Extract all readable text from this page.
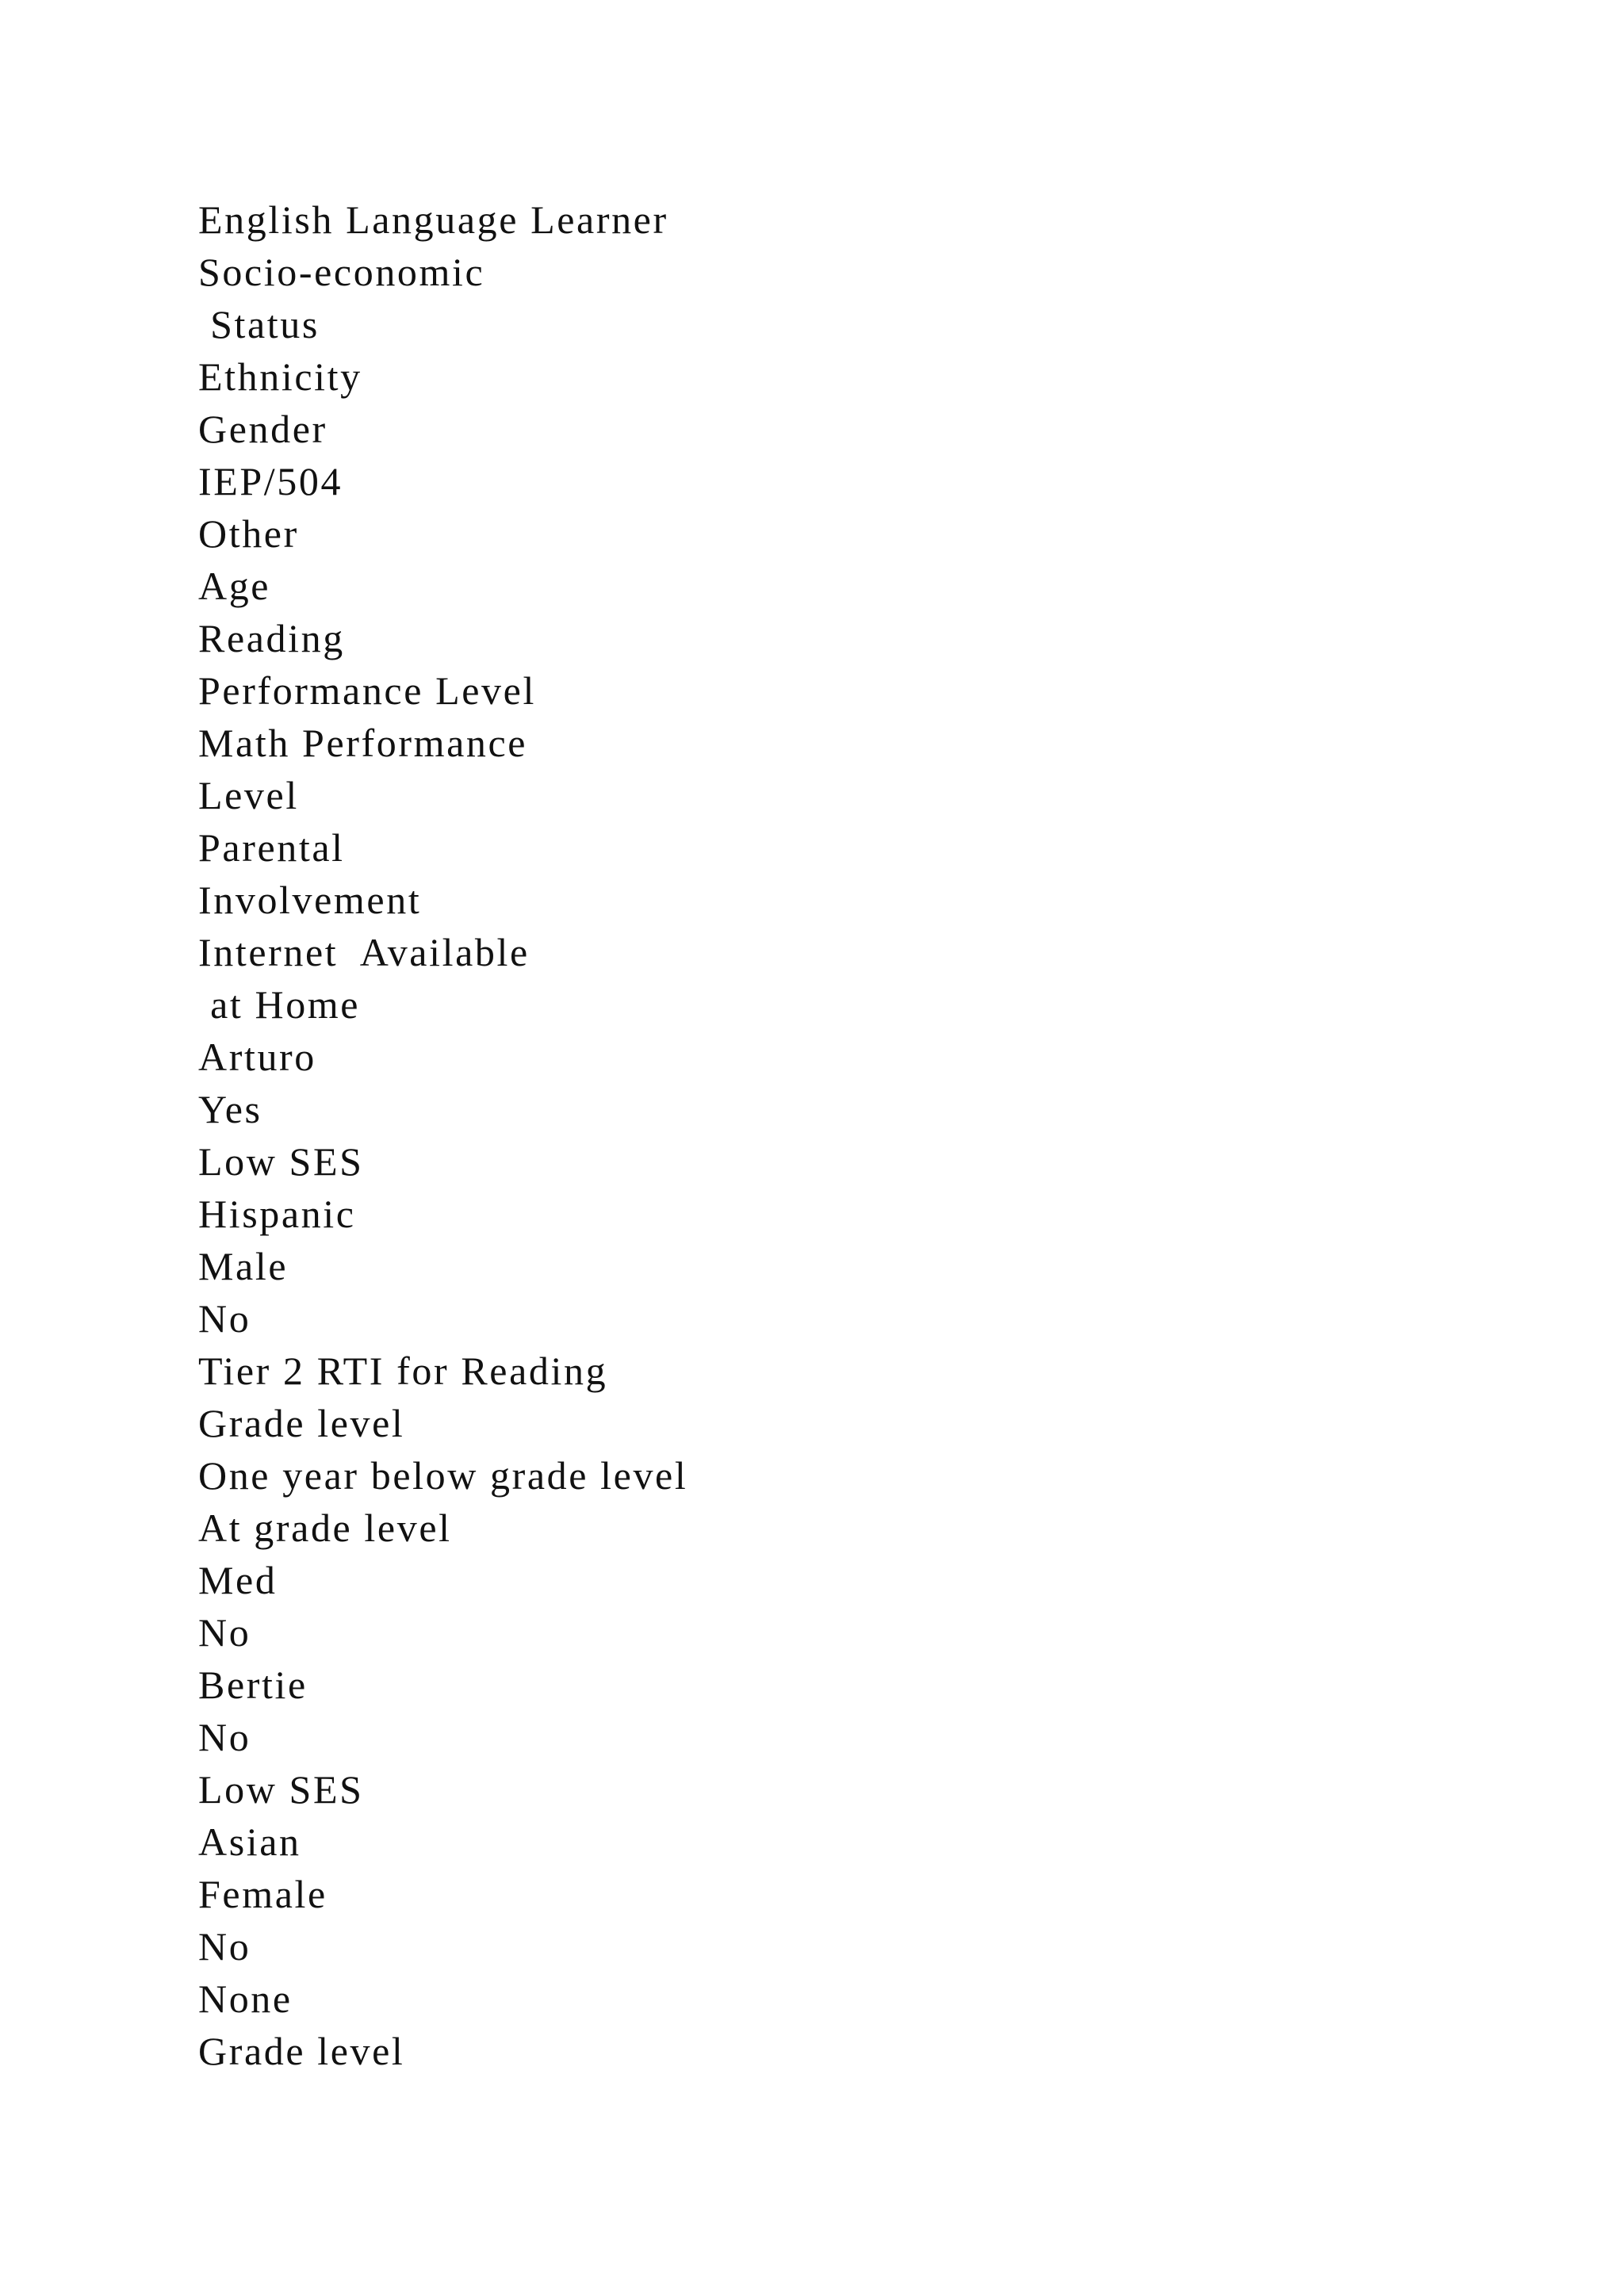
English Language Learner
Socio-economic
Status
Ethnicity
Gender
IEP/504
Other
Age
Reading
Performance Level
Math Performance
Level
Parental
Involvement
Internet  Available
at Home
Arturo
Yes
Low SES
Hispanic
Male
No
Tier 2 RTI for Reading
Grade level
One year below grade level
At grade level
Med
No
Bertie
No
Low SES
Asian
Female
No
None
Grade level
